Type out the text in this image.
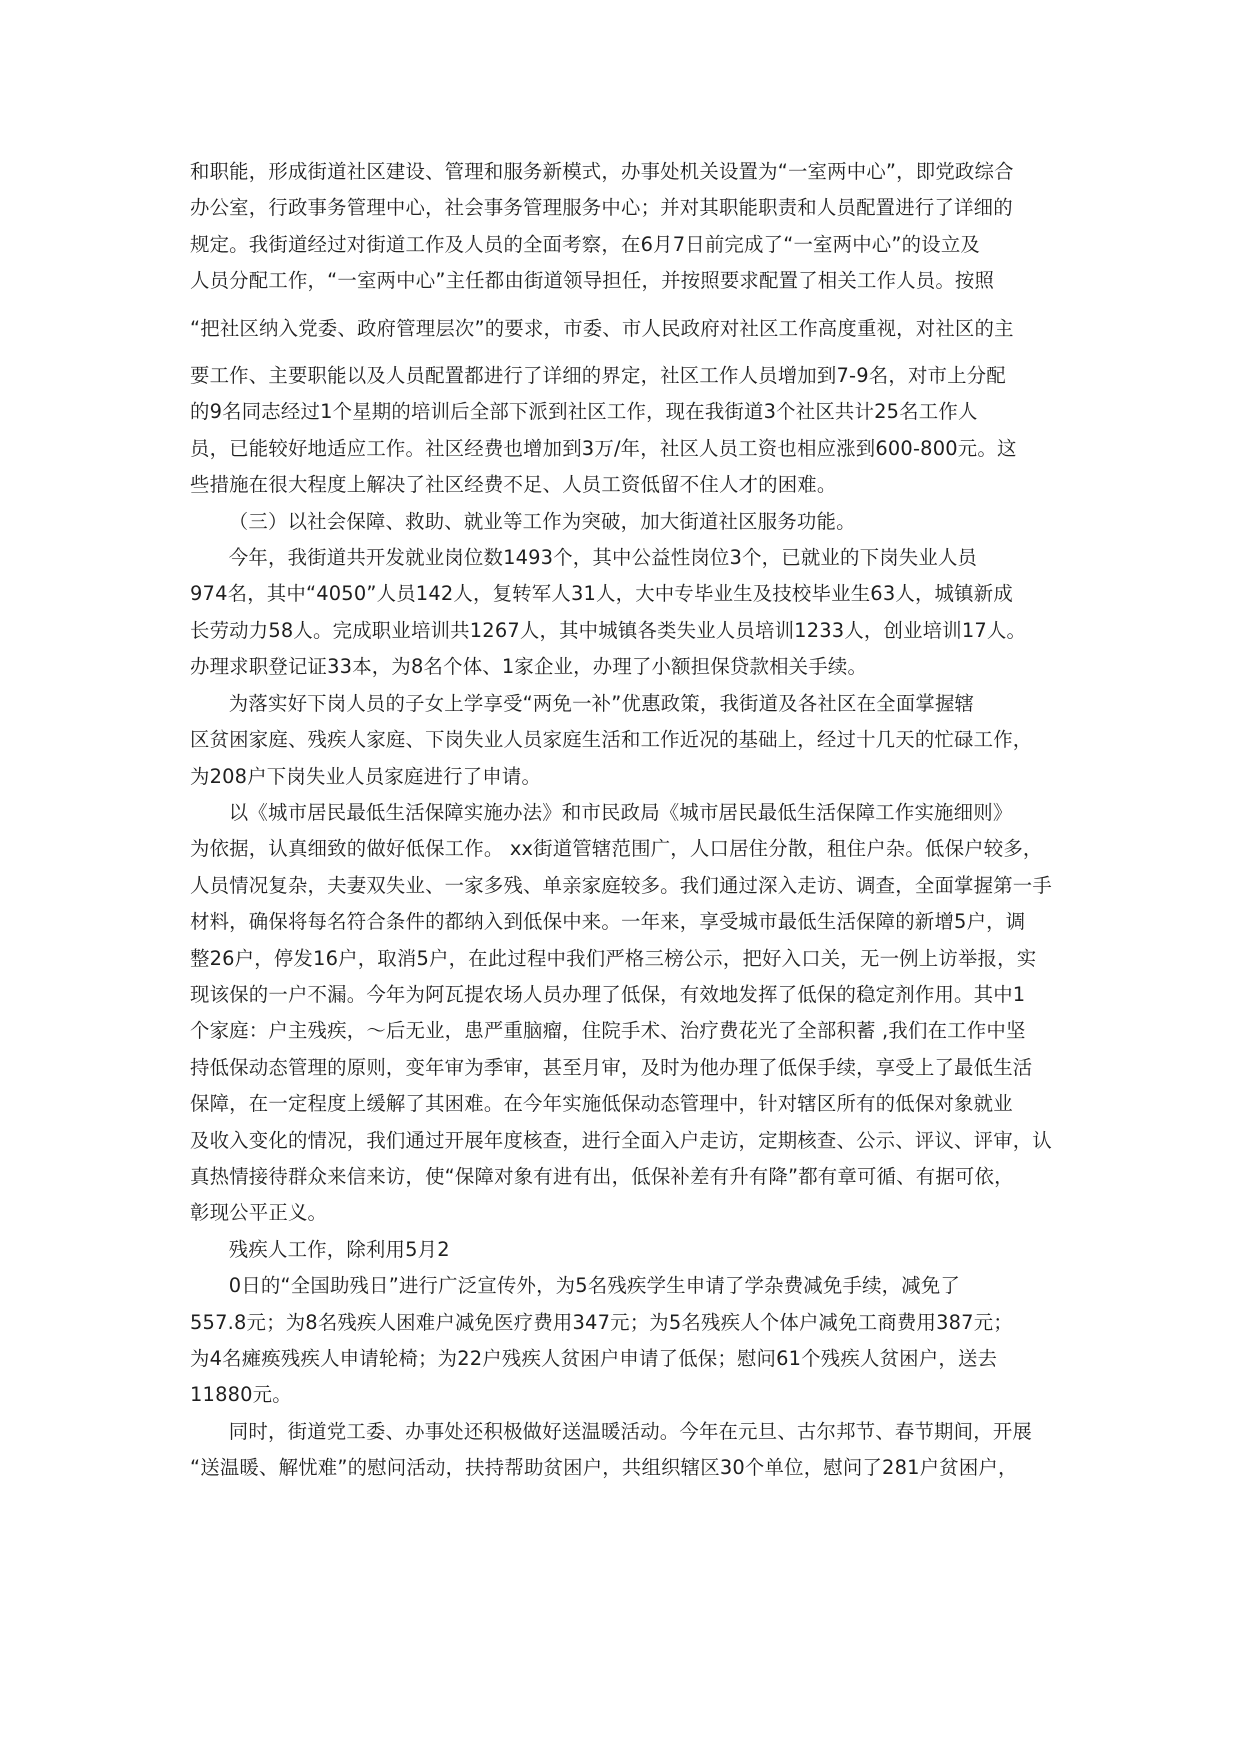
和职能，形成街道社区建设、管理和服务新模式，办事处机关设置为“一室两中心”，即党政综合
办公室，行政事务管理中心，社会事务管理服务中心；并对其职能职责和人员配置进行了详细的
规定。我街道经过对街道工作及人员的全面考察，在6月7日前完成了“一室两中心”的设立及
人员分配工作，“一室两中心”主任都由街道领导担任，并按照要求配置了相关工作人员。按照
“把社区纳入党委、政府管理层次”的要求，市委、市人民政府对社区工作高度重视，对社区的主
要工作、主要职能以及人员配置都进行了详细的界定，社区工作人员增加到7-9名，对市上分配
的9名同志经过1个星期的培训后全部下派到社区工作，现在我街道3个社区共计25名工作人
员，已能较好地适应工作。社区经费也增加到3万/年，社区人员工资也相应涨到600-800元。这
些措施在很大程度上解决了社区经费不足、人员工资低留不住人才的困难。
（三）以社会保障、救助、就业等工作为突破，加大街道社区服务功能。
今年，我街道共开发就业岗位数1493个，其中公益性岗位3个，已就业的下岗失业人员
974名，其中“4050”人员142人，复转军人31人，大中专毕业生及技校毕业生63人，城镇新成
长劳动力58人。完成职业培训共1267人，其中城镇各类失业人员培训1233人，创业培训17人。
办理求职登记证33本，为8名个体、1家企业，办理了小额担保贷款相关手续。
为落实好下岗人员的子女上学享受“两免一补”优惠政策，我街道及各社区在全面掌握辖
区贫困家庭、残疾人家庭、下岗失业人员家庭生活和工作近况的基础上，经过十几天的忙碌工作，
为208户下岗失业人员家庭进行了申请。
以《城市居民最低生活保障实施办法》和市民政局《城市居民最低生活保障工作实施细则》
为依据，认真细致的做好低保工作。 xx街道管辖范围广，人口居住分散，租住户杂。低保户较多，
人员情况复杂，夫妻双失业、一家多残、单亲家庭较多。我们通过深入走访、调查，全面掌握第一手
材料，确保将每名符合条件的都纳入到低保中来。一年来，享受城市最低生活保障的新增5户，调
整26户，停发16户，取消5户，在此过程中我们严格三榜公示，把好入口关，无一例上访举报，实
现该保的一户不漏。今年为阿瓦提农场人员办理了低保，有效地发挥了低保的稳定剂作用。其中1
个家庭：户主残疾，～后无业，患严重脑瘤，住院手术、治疗费花光了全部积蓄 ,我们在工作中坚
持低保动态管理的原则，变年审为季审，甚至月审，及时为他办理了低保手续，享受上了最低生活
保障，在一定程度上缓解了其困难。在今年实施低保动态管理中，针对辖区所有的低保对象就业
及收入变化的情况，我们通过开展年度核查，进行全面入户走访，定期核查、公示、评议、评审，认
真热情接待群众来信来访，使“保障对象有进有出，低保补差有升有降”都有章可循、有据可依，
彰现公平正义。
残疾人工作，除利用5月2
0日的“全国助残日”进行广泛宣传外，为5名残疾学生申请了学杂费减免手续，减免了
557.8元；为8名残疾人困难户减免医疗费用347元；为5名残疾人个体户减免工商费用387元；
为4名瘫痪残疾人申请轮椅；为22户残疾人贫困户申请了低保；慰问61个残疾人贫困户，送去
11880元。
同时，街道党工委、办事处还积极做好送温暖活动。今年在元旦、古尔邦节、春节期间，开展
“送温暖、解忧难”的慰问活动，扶持帮助贫困户，共组织辖区30个单位，慰问了281户贫困户，
